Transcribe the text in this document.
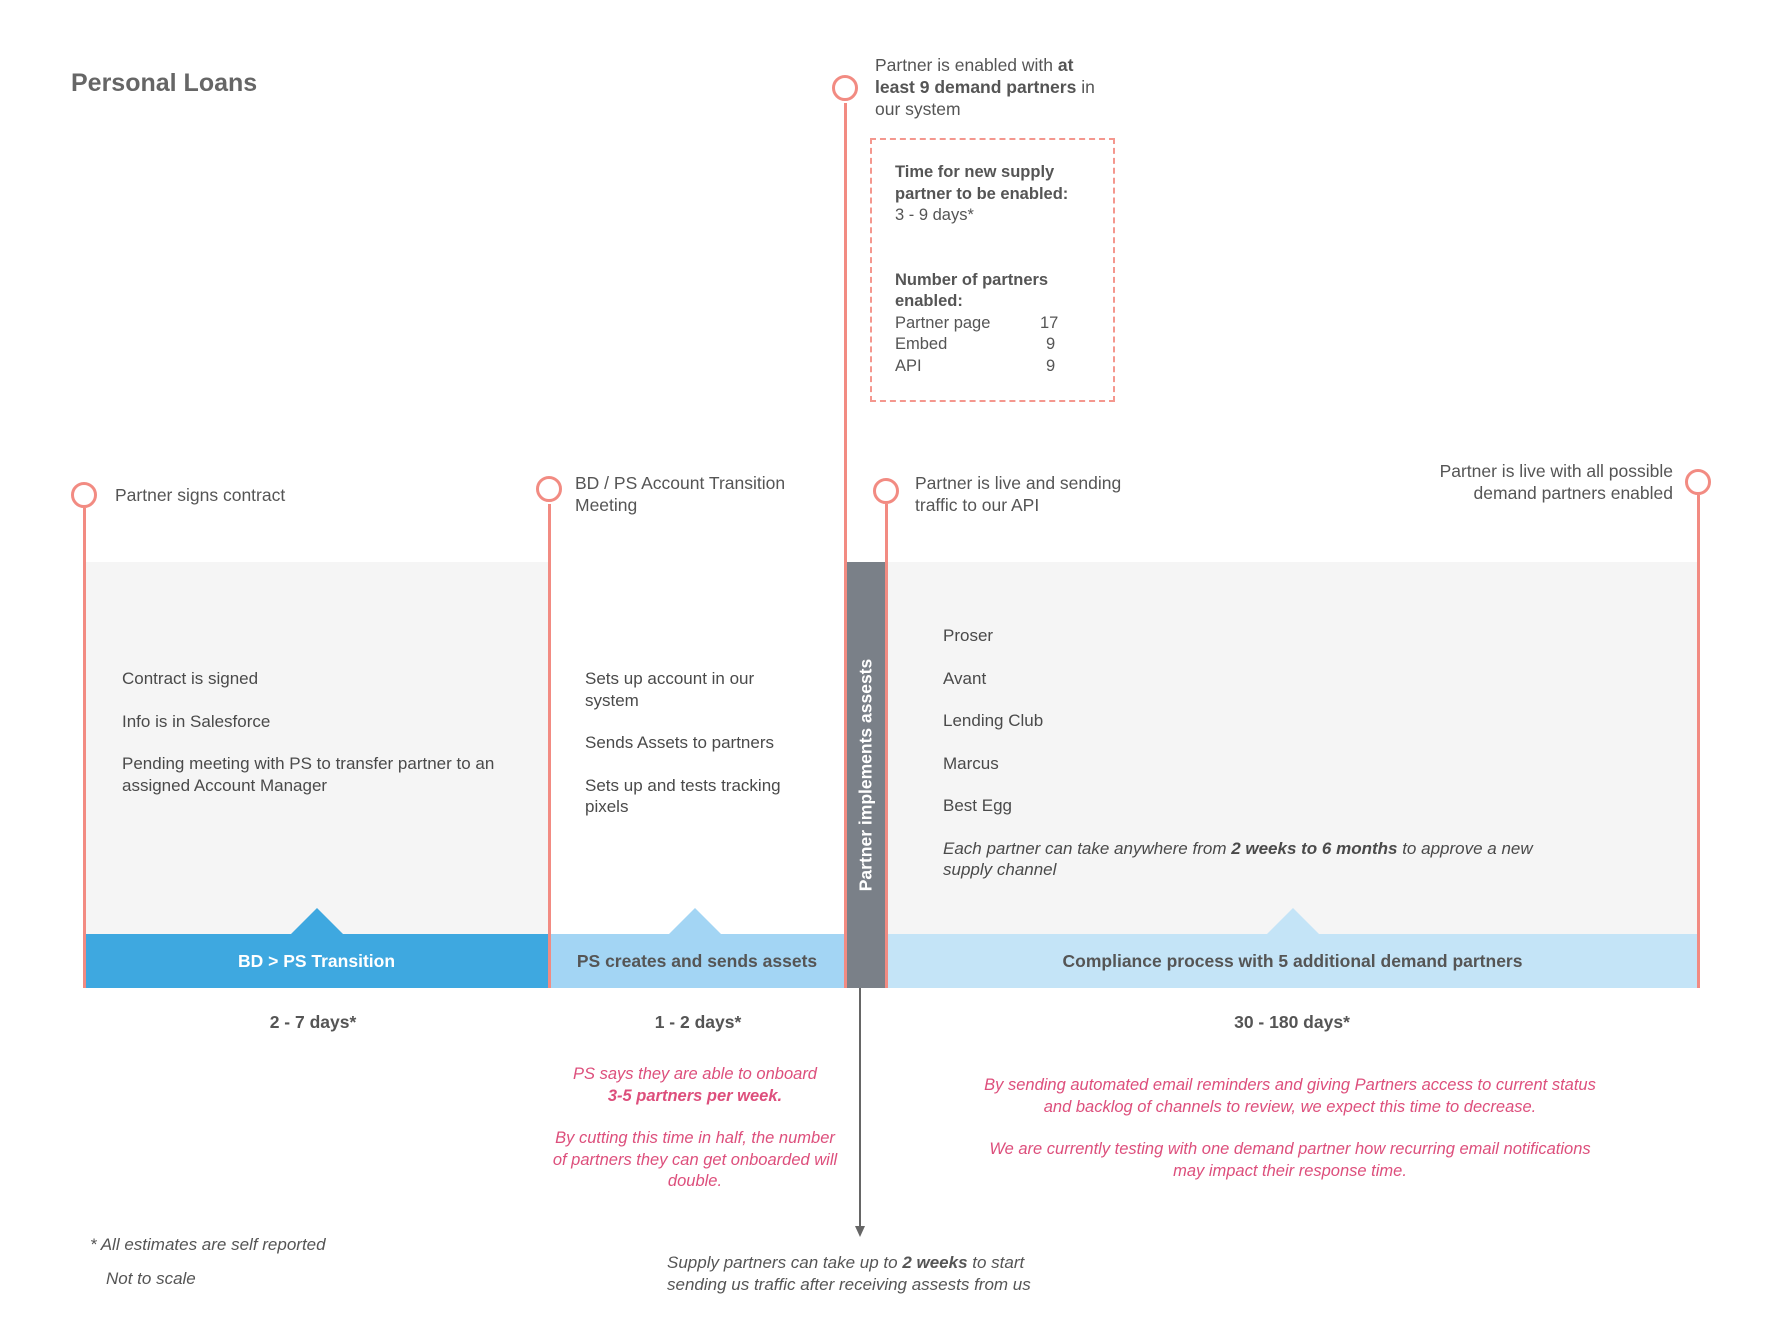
Personal Loans
BD > PS Transition	PS creates and sends assets	Compliance process with 5 additional demand partners
Partner implements assests
Partner signs contract
BD / PS Account Transition Meeting
Partner is enabled with at least 9 demand partners in our system
Partner is live and sending traffic to our API
Partner is live with all possible demand partners enabled
Time for new supply partner to be enabled:
3 - 9 days*
Number of partners enabled:
Partner page	17
Embed	9
API	9
Contract is signed
Info is in Salesforce
Pending meeting with PS to transfer partner to an assigned Account Manager
Sets up account in our system
Sends Assets to partners
Sets up and tests tracking pixels
Proser
Avant
Lending Club
Marcus
Best Egg
Each partner can take anywhere from 2 weeks to 6 months to approve a new supply channel
2 - 7 days*	1 - 2 days*	30 - 180 days*
PS says they are able to onboard
3-5 partners per week.
By cutting this time in half, the number of partners they can get onboarded will double.
By sending automated email reminders and giving Partners access to current status and backlog of channels to review, we expect this time to decrease.
We are currently testing with one demand partner how recurring email notifications may impact their response time.
Supply partners can take up to 2 weeks to start sending us traffic after receiving assests from us
* All estimates are self reported
Not to scale
